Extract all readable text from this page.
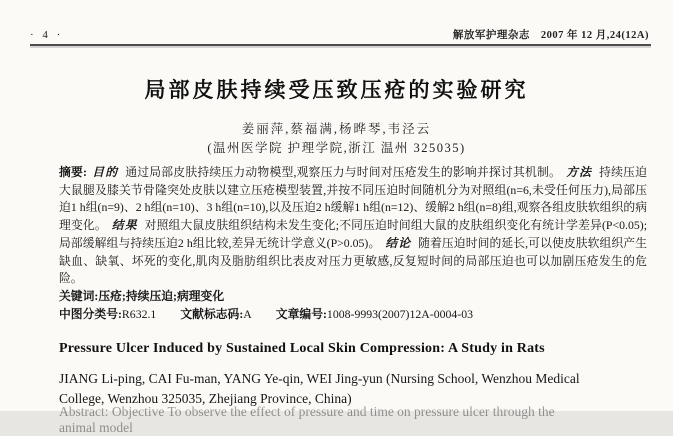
· 4 ·	解放军护理杂志　2007 年 12 月,24(12A)
局部皮肤持续受压致压疮的实验研究
姜丽萍,蔡福满,杨晔琴,韦泾云
(温州医学院 护理学院,浙江 温州 325035)

摘要: 目的 通过局部皮肤持续压力动物模型,观察压力与时间对压疮发生的影响并探讨其机制。 方法 持续压迫大鼠腿及膝关节骨隆突处皮肤以建立压疮模型装置,并按不同压迫时间随机分为对照组(n=6,未受任何压力),局部压迫1 h组(n=9)、2 h组(n=10)、3 h组(n=10),以及压迫2 h缓解1 h组(n=12)、缓解2 h组(n=8)组,观察各组皮肤软组织的病理变化。 结果 对照组大鼠皮肤组织结构未发生变化;不同压迫时间组大鼠的皮肤组织变化有统计学差异(P<0.05);局部缓解组与持续压迫2 h组比较,差异无统计学意义(P>0.05)。 结论 随着压迫时间的延长,可以使皮肤软组织产生缺血、缺氧、坏死的变化,肌肉及脂肪组织比表皮对压力更敏感,反复短时间的局部压迫也可以加剧压疮发生的危险。

关键词:压疮;持续压迫;病理变化

中图分类号:R632.1 文献标志码:A 文章编号:1008-9993(2007)12A-0004-03

Pressure Ulcer Induced by Sustained Local Skin Compression: A Study in Rats
JIANG Li-ping, CAI Fu-man, YANG Ye-qin, WEI Jing-yun (Nursing School, Wenzhou Medical
College, Wenzhou 325035, Zhejiang Province, China)
Abstract: Objective To observe the effect of pressure and time on pressure ulcer through the animal model
